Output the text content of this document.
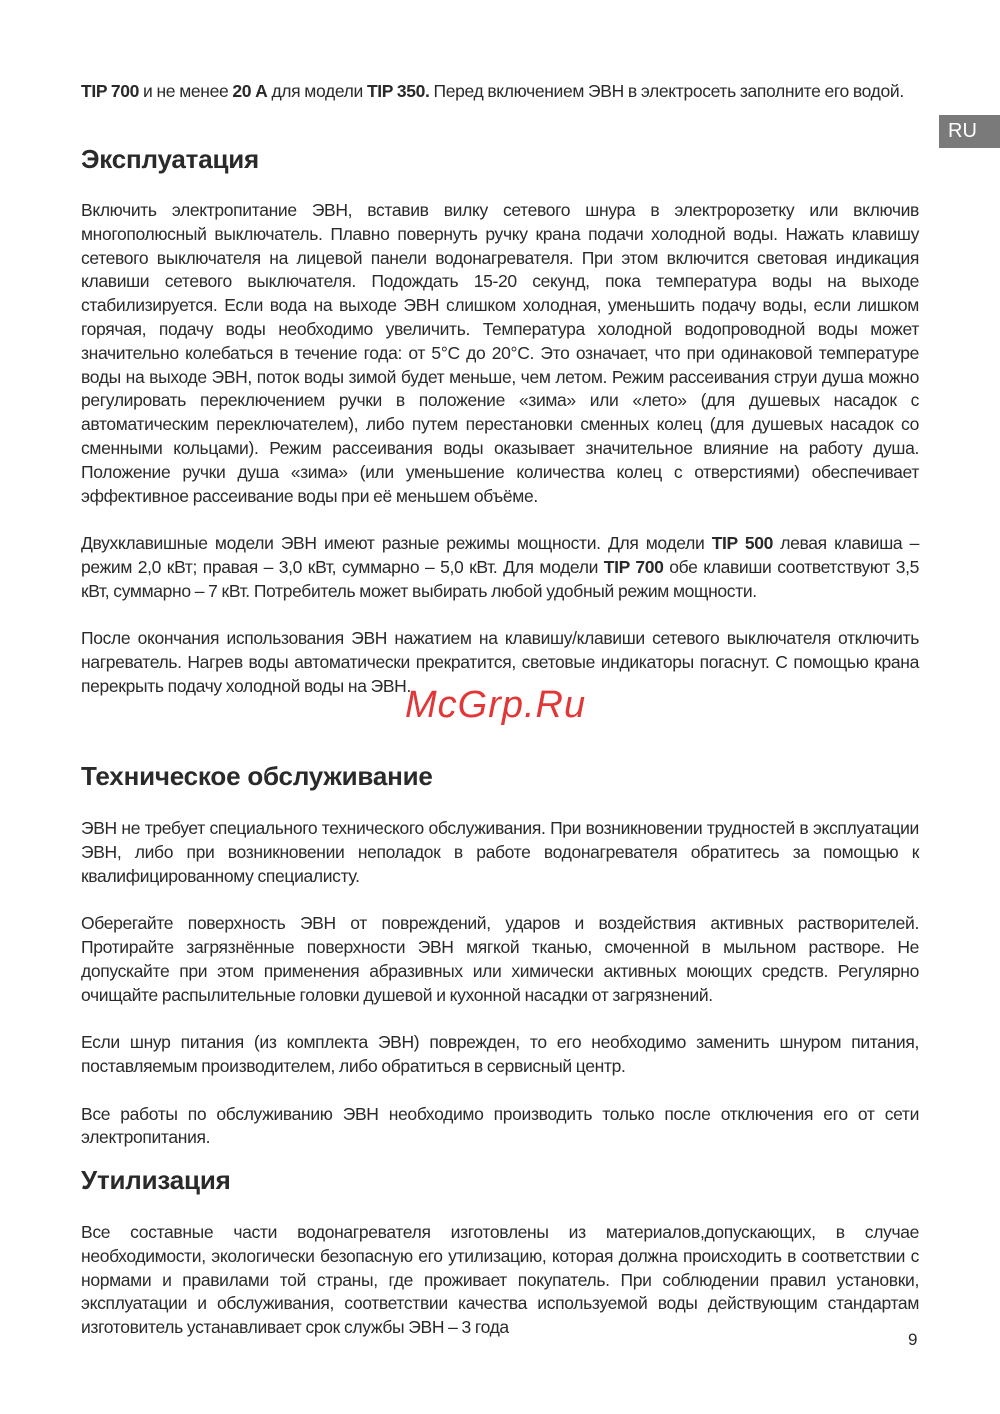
RU

TIP 700 и не менее 20 А для модели TIP 350. Перед включением ЭВН в электросеть заполните его водой.

Эксплуатация

Включить электропитание ЭВН, вставив вилку сетевого шнура в электророзетку или включив многополюсный выключатель. Плавно повернуть ручку крана подачи холодной воды. Нажать клавишу сетевого выключателя на лицевой панели водонагревателя. При этом включится световая индикация клавиши сетевого выключателя. Подождать 15-20 секунд, пока температура воды на выходе стабилизируется. Если вода на выходе ЭВН слишком холодная, уменьшить подачу воды, если лишком горячая, подачу воды необходимо увеличить. Температура холодной водопроводной воды может значительно колебаться в течение года: от 5°С до 20°С. Это означает, что при одинаковой температуре воды на выходе ЭВН, поток воды зимой будет меньше, чем летом. Режим рассеивания струи душа можно регулировать переключением ручки в положение «зима» или «лето» (для душевых насадок с автоматическим переключателем), либо путем перестановки сменных колец (для душевых насадок со сменными кольцами). Режим рассеивания воды оказывает значительное влияние на работу душа. Положение ручки душа «зима» (или уменьшение количества колец с отверстиями) обеспечивает эффективное рассеивание воды при её меньшем объёме.

Двухклавишные модели ЭВН имеют разные режимы мощности. Для модели TIP 500 левая клавиша – режим 2,0 кВт; правая – 3,0 кВт, суммарно – 5,0 кВт. Для модели TIP 700 обе клавиши соответствуют 3,5 кВт, суммарно – 7 кВт. Потребитель может выбирать любой удобный режим мощности.

После окончания использования ЭВН нажатием на клавишу/клавиши сетевого выключателя отключить нагреватель. Нагрев воды автоматически прекратится, световые индикаторы погаснут. С помощью крана перекрыть подачу холодной воды на ЭВН.

Техническое обслуживание

ЭВН не требует специального технического обслуживания. При возникновении трудностей в эксплуатации ЭВН, либо при возникновении неполадок в работе водонагревателя обратитесь за помощью к квалифицированному специалисту.

Оберегайте поверхность ЭВН от повреждений, ударов и воздействия активных растворителей. Протирайте загрязнённые поверхности ЭВН мягкой тканью, смоченной в мыльном растворе. Не допускайте при этом применения абразивных или химически активных моющих средств. Регулярно очищайте распылительные головки душевой и кухонной насадки от загрязнений.

Если шнур питания (из комплекта ЭВН) поврежден, то его необходимо заменить шнуром питания, поставляемым производителем, либо обратиться в сервисный центр.

Все работы по обслуживанию ЭВН необходимо производить только после отключения его от сети электропитания.

Утилизация

Все составные части водонагревателя изготовлены из материалов,допускающих, в случае необходимости, экологически безопасную его утилизацию, которая должна происходить в соответствии с нормами и правилами той страны, где проживает покупатель. При соблюдении правил установки, эксплуатации и обслуживания, соответствии качества используемой воды действующим стандартам изготовитель устанавливает срок службы ЭВН – 3 года

McGrp.Ru
9
